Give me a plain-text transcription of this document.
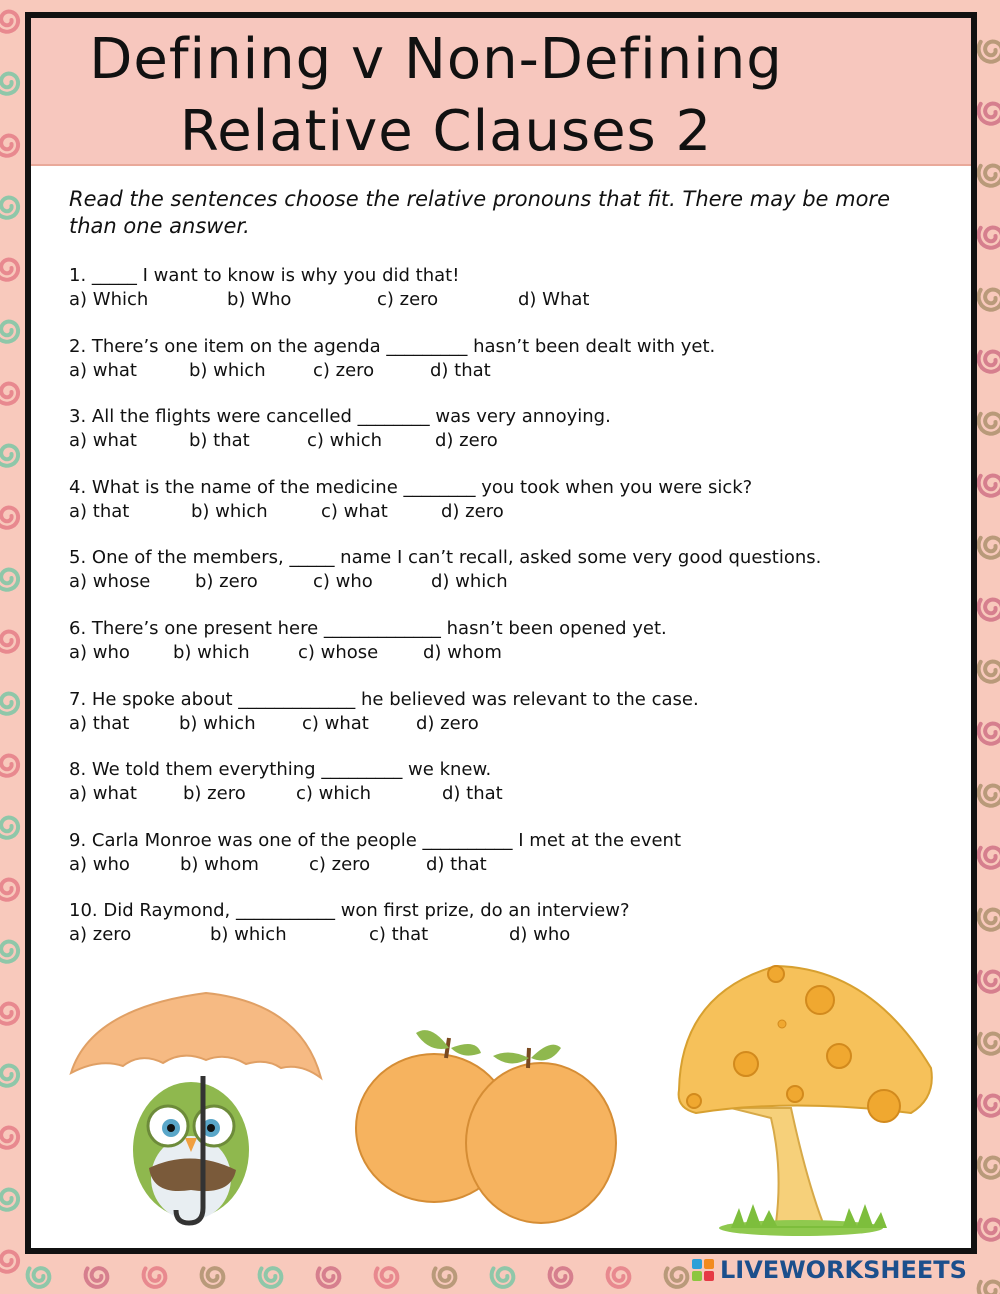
Defining v Non-Defining
Relative Clauses 2
Read the sentences choose the relative pronouns that fit. There may be more than one answer.
1. _____ I want to know is why you did that!
a) Which	b) Who	c) zero	d) What
2. There’s one item on the agenda _________ hasn’t been dealt with yet.
a) what	b) which	c) zero	d) that
3. All the flights were cancelled ________ was very annoying.
a) what	b) that	c) which	d) zero
4. What is the name of the medicine ________ you took when you were sick?
a) that	b) which	c) what	d) zero
5. One of the members, _____ name I can’t recall, asked some very good questions.
a) whose b) zero	c) who	d) which
6. There’s one present here _____________ hasn’t been opened yet.
a) who b) which	c) whose d) whom
7. He spoke about _____________ he believed was relevant to the case.
a) that	b) which	c) what	d) zero
8. We told them everything _________ we knew.
a) what	b) zero	c) which	d) that
9. Carla Monroe was one of the people __________ I met at the event
a) who	b) whom	c) zero	d) that
10. Did Raymond, ___________ won first prize, do an interview?
a) zero	b) which	c) that	d) who
LIVEWORKSHEETS
